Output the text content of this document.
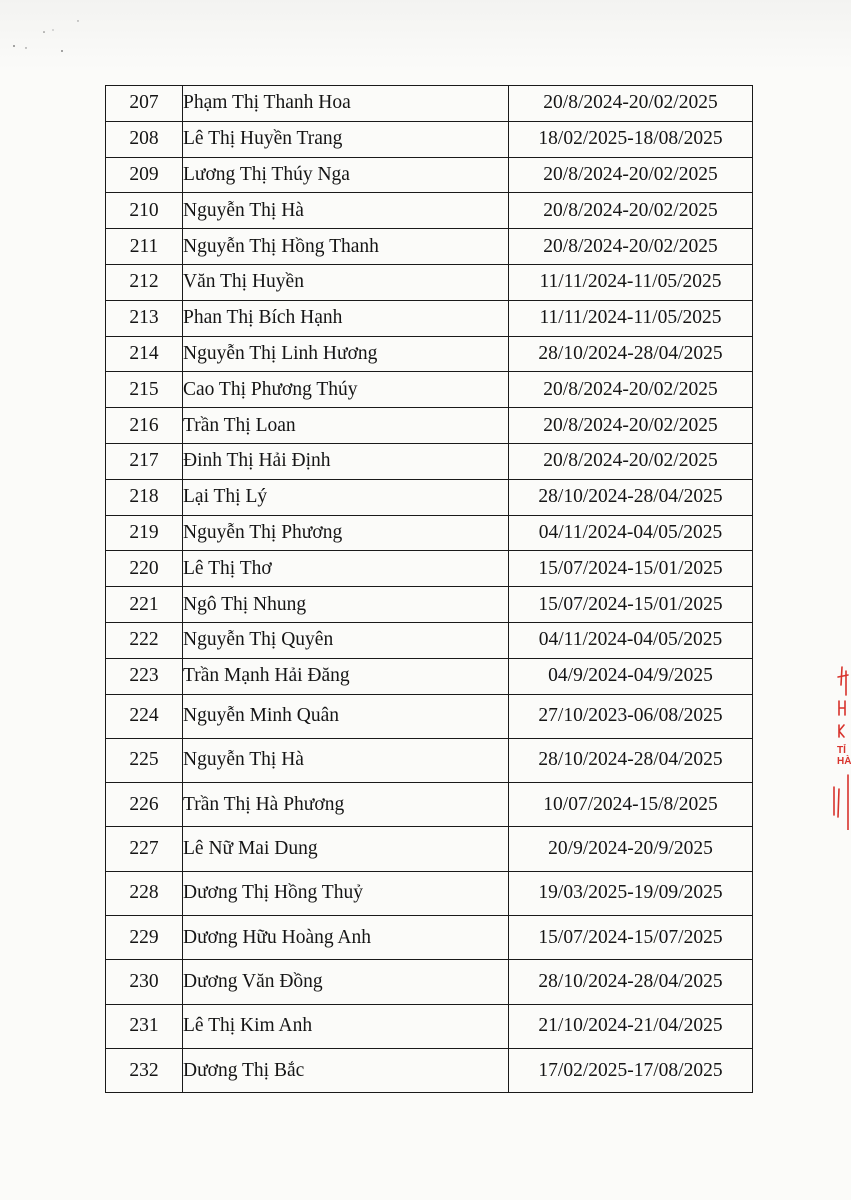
207	Phạm Thị Thanh Hoa	20/8/2024-20/02/2025
208	Lê Thị Huyền Trang	18/02/2025-18/08/2025
209	Lương Thị Thúy Nga	20/8/2024-20/02/2025
210	Nguyễn Thị Hà	20/8/2024-20/02/2025
211	Nguyễn Thị Hồng Thanh	20/8/2024-20/02/2025
212	Văn Thị Huyền	11/11/2024-11/05/2025
213	Phan Thị Bích Hạnh	11/11/2024-11/05/2025
214	Nguyễn Thị Linh Hương	28/10/2024-28/04/2025
215	Cao Thị Phương Thúy	20/8/2024-20/02/2025
216	Trần Thị Loan	20/8/2024-20/02/2025
217	Đinh Thị Hải Định	20/8/2024-20/02/2025
218	Lại Thị Lý	28/10/2024-28/04/2025
219	Nguyễn Thị Phương	04/11/2024-04/05/2025
220	Lê Thị Thơ	15/07/2024-15/01/2025
221	Ngô Thị Nhung	15/07/2024-15/01/2025
222	Nguyễn Thị Quyên	04/11/2024-04/05/2025
223	Trần Mạnh Hải Đăng	04/9/2024-04/9/2025
224	Nguyễn Minh Quân	27/10/2023-06/08/2025
225	Nguyễn Thị Hà	28/10/2024-28/04/2025
226	Trần Thị Hà Phương	10/07/2024-15/8/2025
227	Lê Nữ Mai Dung	20/9/2024-20/9/2025
228	Dương Thị Hồng Thuỷ	19/03/2025-19/09/2025
229	Dương Hữu Hoàng Anh	15/07/2024-15/07/2025
230	Dương Văn Đồng	28/10/2024-28/04/2025
231	Lê Thị Kim Anh	21/10/2024-21/04/2025
232	Dương Thị Bắc	17/02/2025-17/08/2025
TỈ HÀ
